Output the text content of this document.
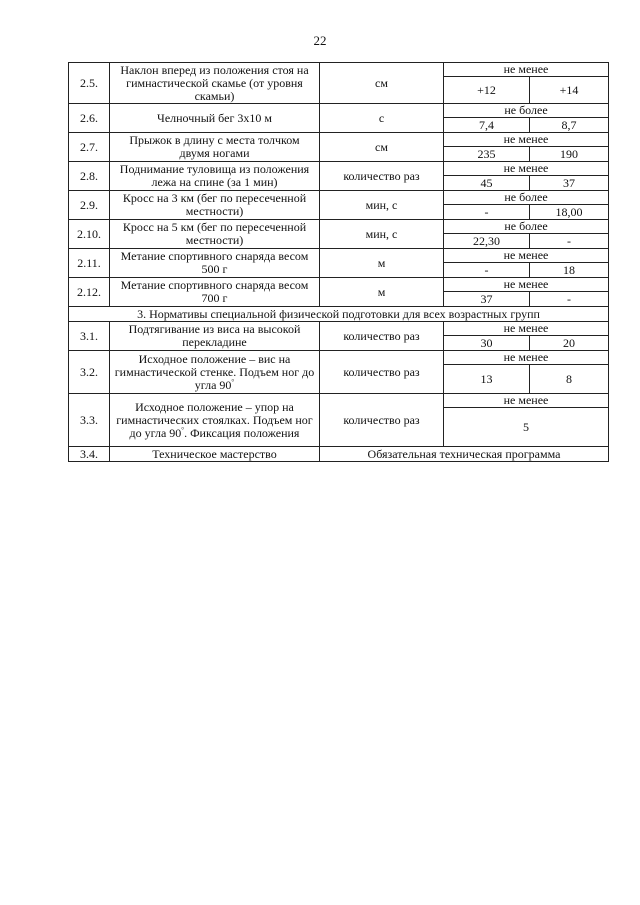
22
2.5.	Наклон вперед из положения стоя на гимнастической скамье (от уровня скамьи)	см	не менее	
			+12	+14
2.6.	Челночный бег 3х10 м	с	не более	
			7,4	8,7
2.7.	Прыжок в длину с места толчком двумя ногами	см	не менее	
			235	190
2.8.	Поднимание туловища из положения лежа на спине (за 1 мин)	количество раз	не менее	
			45	37
2.9.	Кросс на 3 км (бег по пересеченной местности)	мин, с	не более	
			-	18,00
2.10.	Кросс на 5 км (бег по пересеченной местности)	мин, с	не более	
			22,30	-
2.11.	Метание спортивного снаряда весом 500 г	м	не менее	
			-	18
2.12.	Метание спортивного снаряда весом 700 г	м	не менее	
			37	-
3. Нормативы специальной физической подготовки для всех возрастных групп				
3.1.	Подтягивание из виса на высокой перекладине	количество раз	не менее	
			30	20
3.2.	Исходное положение – вис на гимнастической стенке. Подъем ног до угла 90°	количество раз	не менее	
			13	8
3.3.	Исходное положение – упор на гимнастических стоялках. Подъем ног до угла 90°. Фиксация положения	количество раз	не менее	
			5	
3.4.	Техническое мастерство	Обязательная техническая программа		
